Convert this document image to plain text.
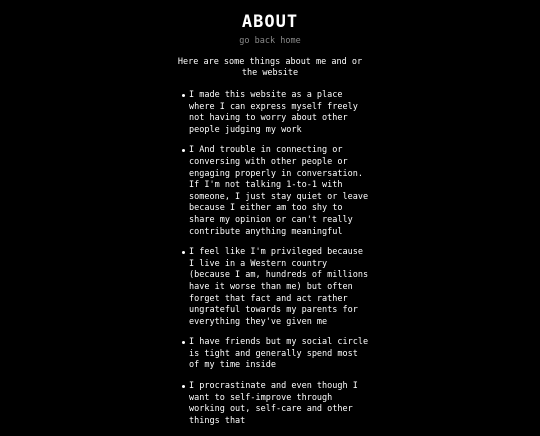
ABOUT
go back home

Here are some things about me and or the website

I made this website as a place where I can express myself freely not having to worry about other people judging my work
I And trouble in connecting or conversing with other people or engaging properly in conversation. If I'm not talking 1-to-1 with someone, I just stay quiet or leave because I either am too shy to share my opinion or can't really contribute anything meaningful
I feel like I'm privileged because I live in a Western country (because I am, hundreds of millions have it worse than me) but often forget that fact and act rather ungrateful towards my parents for everything they've given me
I have friends but my social circle is tight and generally spend most of my time inside
I procrastinate and even though I want to self-improve through working out, self-care and other things that
